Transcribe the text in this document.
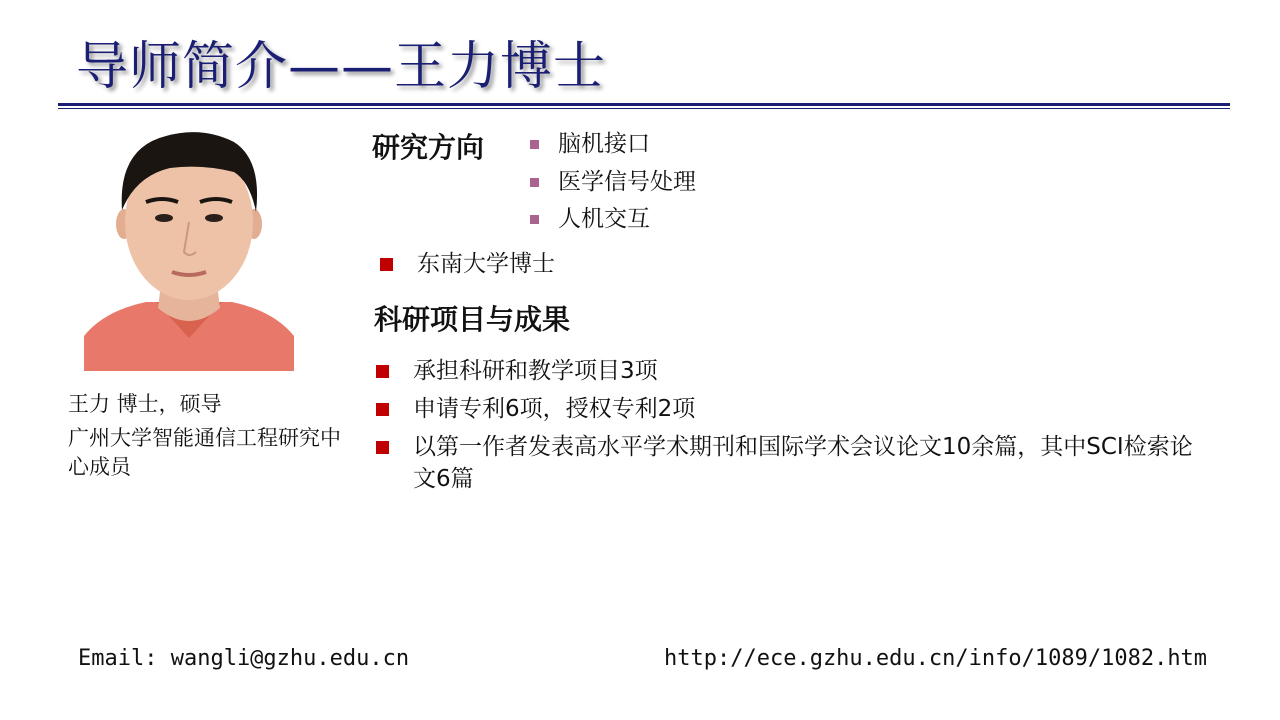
导师简介——王力博士
王力 博士，硕导
广州大学智能通信工程研究中心成员
研究方向	脑机接口
医学信号处理
人机交互
东南大学博士
科研项目与成果
承担科研和教学项目3项
申请专利6项，授权专利2项
以第一作者发表高水平学术期刊和国际学术会议论文10余篇，其中SCI检索论文6篇
Email: wangli@gzhu.edu.cn	http://ece.gzhu.edu.cn/info/1089/1082.htm
